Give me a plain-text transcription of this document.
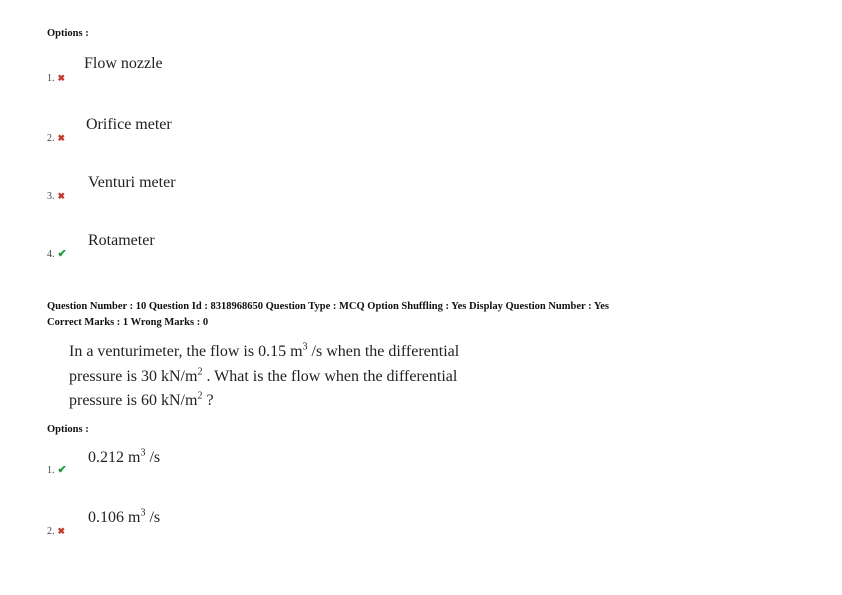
Options :
Flow nozzle
1. ✖
Orifice meter
2. ✖
Venturi meter
3. ✖
Rotameter
4. ✔
Question Number : 10 Question Id : 8318968650 Question Type : MCQ Option Shuffling : Yes Display Question Number : Yes
Correct Marks : 1 Wrong Marks : 0
In a venturimeter, the flow is 0.15 $m^3$ /s when the differential
pressure is 30 $kN/m^2$ . What is the flow when the differential
pressure is 60 $kN/m^2$ ?
Options :
0.212 $m^3$ /s
1. ✔
0.106 $m^3$ /s
2. ✖
